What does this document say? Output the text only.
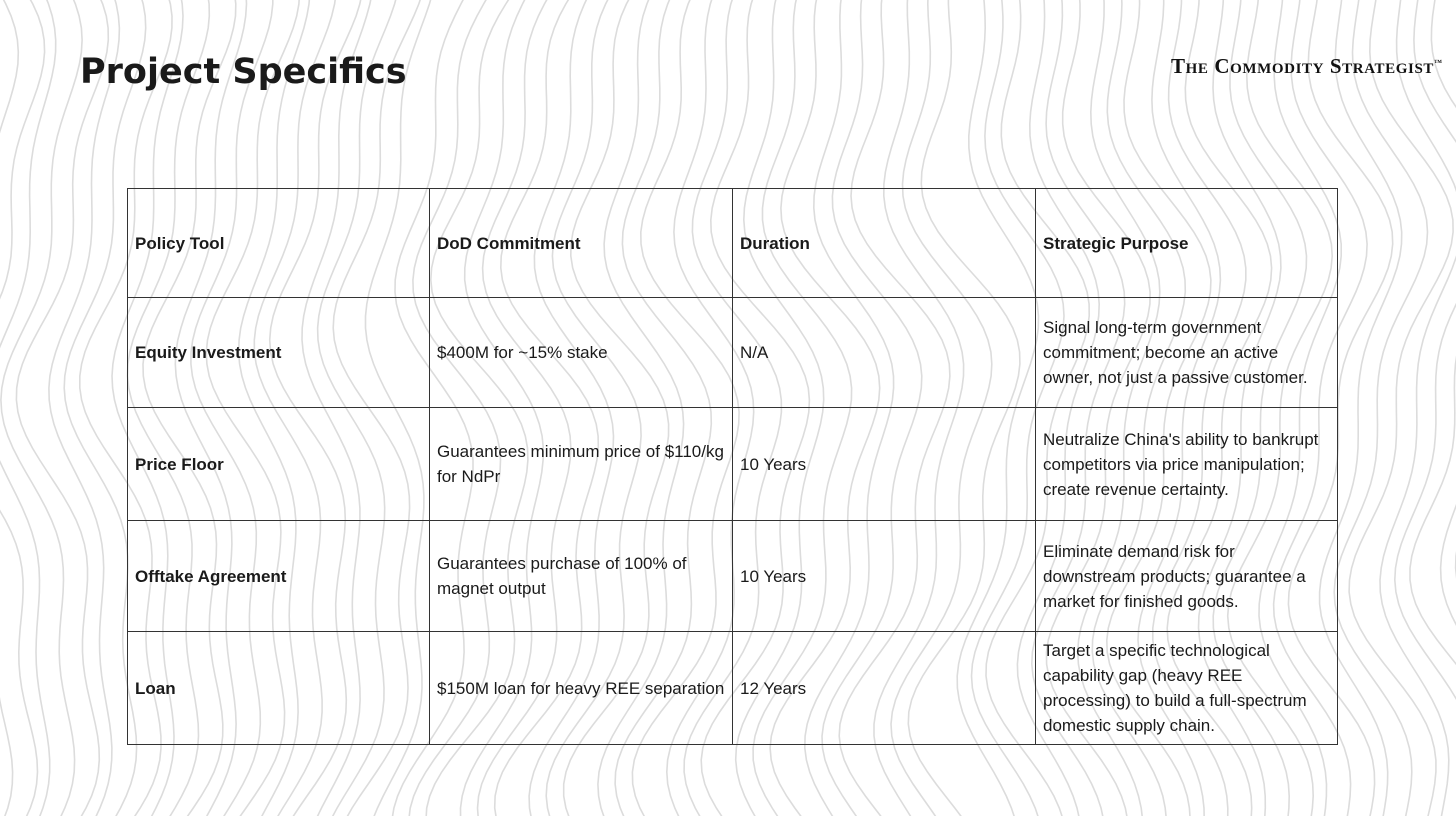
Project Specifics	The Commodity Strategist™
Policy Tool	DoD Commitment	Duration	Strategic Purpose
Equity Investment	$400M for ~15% stake	N/A	Signal long-term government commitment; become an active owner, not just a passive customer.
Price Floor	Guarantees minimum price of $110/kg for NdPr	10 Years	Neutralize China's ability to bankrupt competitors via price manipulation; create revenue certainty.
Offtake Agreement	Guarantees purchase of 100% of magnet output	10 Years	Eliminate demand risk for downstream products; guarantee a market for finished goods.
Loan	$150M loan for heavy REE separation	12 Years	Target a specific technological capability gap (heavy REE processing) to build a full-spectrum domestic supply chain.
